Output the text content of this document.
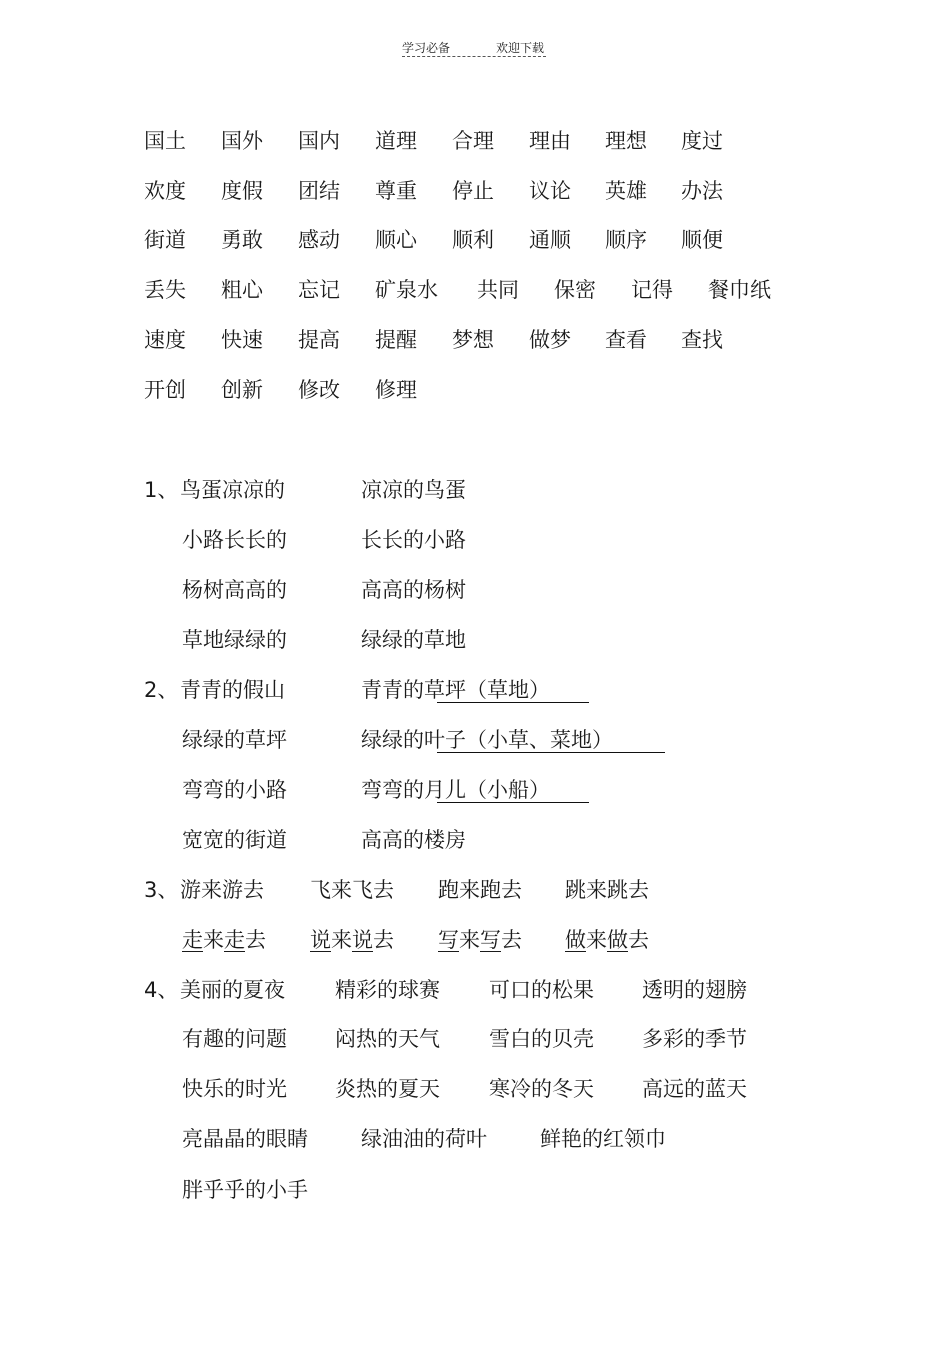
学习必备	欢迎下载
国土 国外 国内 道理 合理 理由 理想 度过
欢度 度假 团结 尊重 停止 议论 英雄 办法
街道 勇敢 感动 顺心 顺利 通顺 顺序 顺便
丢失 粗心 忘记 矿泉水 共同 保密 记得 餐巾纸
速度 快速 提高 提醒 梦想 做梦 查看 查找
开创 创新 修改 修理
1、 鸟蛋凉凉的	凉凉的鸟蛋
小路长长的	长长的小路
杨树高高的	高高的杨树
草地绿绿的	绿绿的草地
2、 青青的假山	青青的草坪（草地）
绿绿的草坪	绿绿的叶子（小草、菜地）
弯弯的小路	弯弯的月儿（小船）
宽宽的街道	高高的楼房
3、 游来游去 飞来飞去 跑来跑去 跳来跳去
走来走去 说来说去 写来写去 做来做去
4、 美丽的夏夜 精彩的球赛 可口的松果 透明的翅膀
有趣的问题 闷热的天气 雪白的贝壳 多彩的季节
快乐的时光 炎热的夏天 寒冷的冬天 高远的蓝天
亮晶晶的眼睛	绿油油的荷叶	鲜艳的红领巾
胖乎乎的小手
